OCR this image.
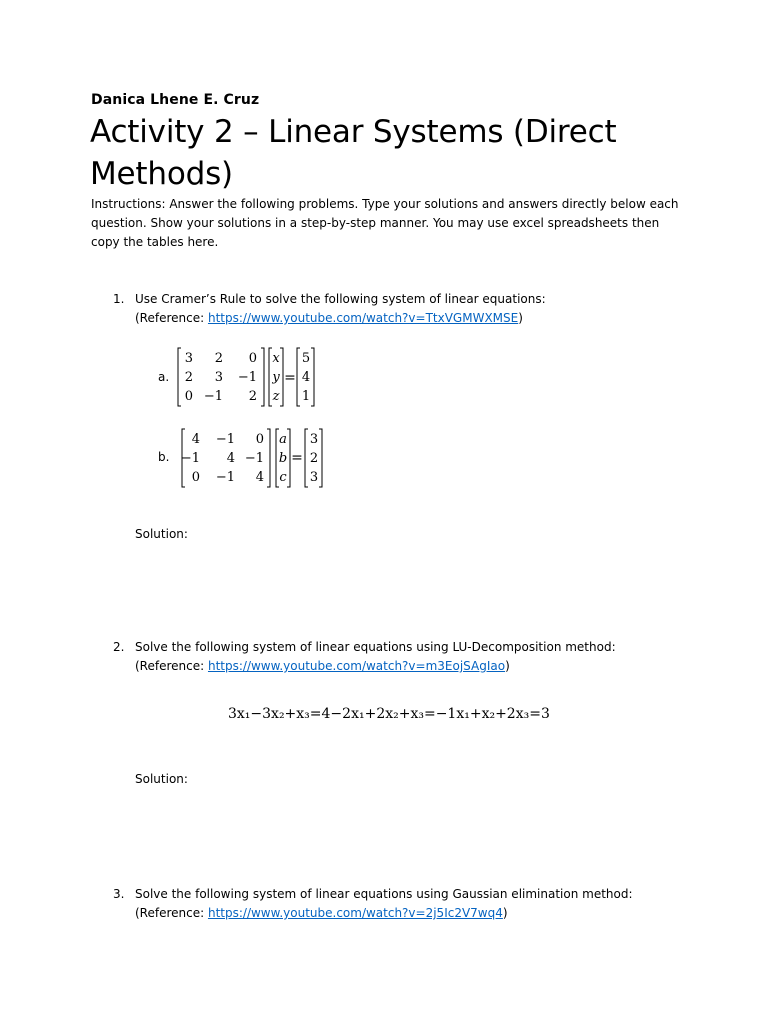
Danica Lhene E. Cruz
Activity 2 – Linear Systems (Direct Methods)
Instructions: Answer the following problems. Type your solutions and answers directly below each question. Show your solutions in a step-by-step manner. You may use excel spreadsheets then copy the tables here.
1. Use Cramer’s Rule to solve the following system of linear equations:
(Reference: https://www.youtube.com/watch?v=TtxVGMWXMSE)
a.	=
3 2 0
2 3 −1
0 −1 2
x
y
z
5
4
1
b.	=
4 −1 0
−1 4 −1
0 −1 4
a
b
c
3
2
3
Solution:
2. Solve the following system of linear equations using LU-Decomposition method:
(Reference: https://www.youtube.com/watch?v=m3EojSAgIao)
3x₁−3x₂+x₃=4−2x₁+2x₂+x₃=−1x₁+x₂+2x₃=3
Solution:
3. Solve the following system of linear equations using Gaussian elimination method:
(Reference: https://www.youtube.com/watch?v=2j5Ic2V7wq4)
